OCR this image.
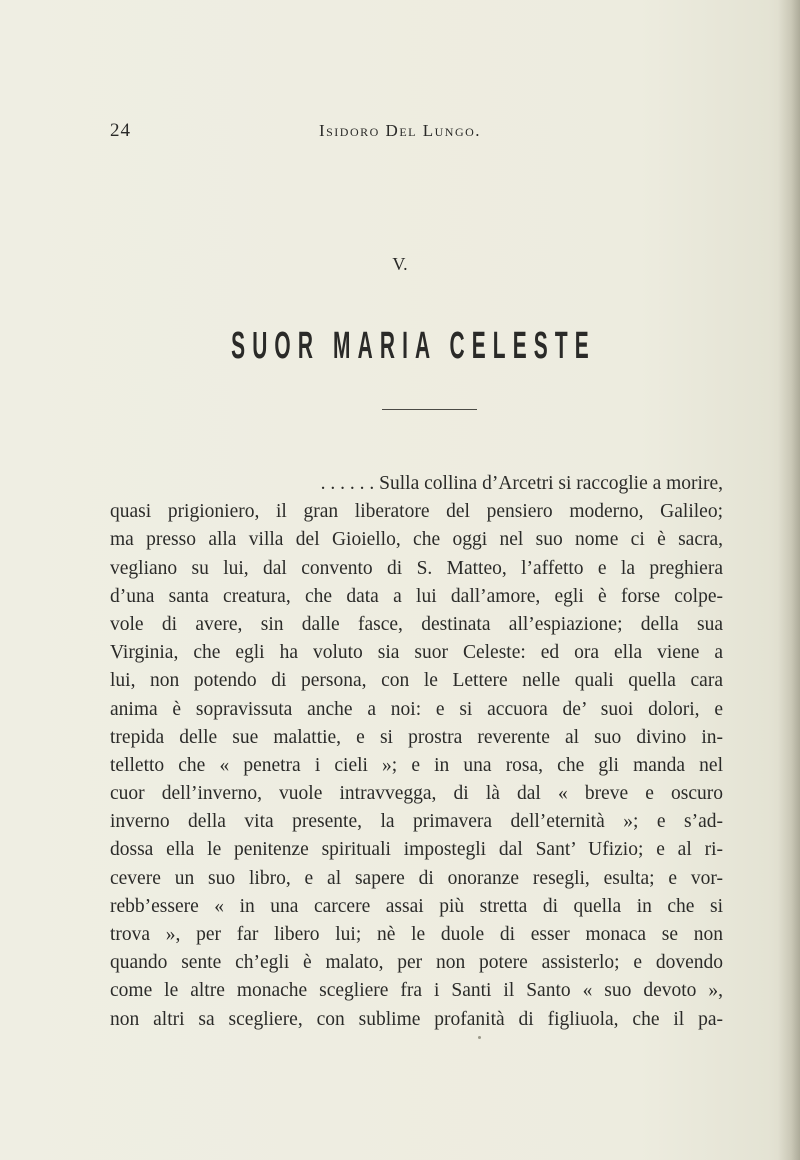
24	Isidoro Del Lungo.
V.
SUOR MARIA CELESTE
. . . . . . Sulla collina d’Arcetri si raccoglie a morire,
quasi prigioniero, il gran liberatore del pensiero moderno, Galileo;
ma presso alla villa del Gioiello, che oggi nel suo nome ci è sacra,
vegliano su lui, dal convento di S. Matteo, l’affetto e la preghiera
d’una santa creatura, che data a lui dall’amore, egli è forse colpe-
vole di avere, sin dalle fasce, destinata all’espiazione; della sua
Virginia, che egli ha voluto sia suor Celeste: ed ora ella viene a
lui, non potendo di persona, con le Lettere nelle quali quella cara
anima è sopravissuta anche a noi: e si accuora de’ suoi dolori, e
trepida delle sue malattie, e si prostra reverente al suo divino in-
telletto che « penetra i cieli »; e in una rosa, che gli manda nel
cuor dell’inverno, vuole intravvegga, di là dal « breve e oscuro
inverno della vita presente, la primavera dell’eternità »; e s’ad-
dossa ella le penitenze spirituali impostegli dal Sant’ Ufizio; e al ri-
cevere un suo libro, e al sapere di onoranze resegli, esulta; e vor-
rebb’essere « in una carcere assai più stretta di quella in che si
trova », per far libero lui; nè le duole di esser monaca se non
quando sente ch’egli è malato, per non potere assisterlo; e dovendo
come le altre monache scegliere fra i Santi il Santo « suo devoto »,
non altri sa scegliere, con sublime profanità di figliuola, che il pa-
